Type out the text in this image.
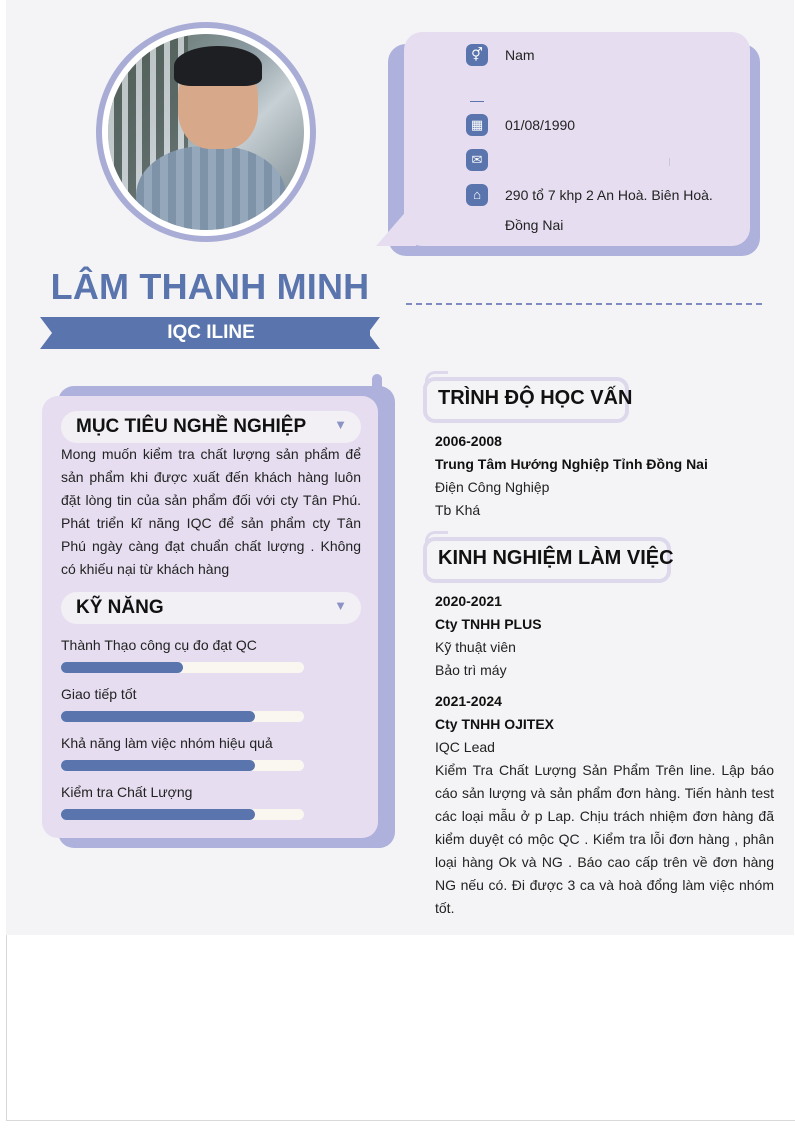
⚥	Nam
▦	01/08/1990
✉
⌂	290 tổ 7 khp 2 An Hoà. Biên Hoà.
Đồng Nai
LÂM THANH MINH
IQC ILINE
MỤC TIÊU NGHỀ NGHIỆP ▼
Mong muốn kiểm tra chất lượng sản phẩm để sản phẩm khi được xuất đến khách hàng luôn đặt lòng tin của sản phẩm đối với cty Tân Phú. Phát triển kĩ năng IQC để sản phẩm cty Tân Phú ngày càng đạt chuẩn chất lượng . Không có khiếu nại từ khách hàng
KỸ NĂNG	▼
Thành Thạo công cụ đo đạt QC
Giao tiếp tốt
Khả năng làm việc nhóm hiệu quả
Kiểm tra Chất Lượng
TRÌNH ĐỘ HỌC VẤN
2006-2008
Trung Tâm Hướng Nghiệp Tỉnh Đồng Nai
Điện Công Nghiệp
Tb Khá
KINH NGHIỆM LÀM VIỆC
2020-2021
Cty TNHH PLUS
Kỹ thuật viên
Bảo trì máy
2021-2024
Cty TNHH OJITEX
IQC Lead
Kiểm Tra Chất Lượng Sản Phẩm Trên line. Lập báo cáo sản lượng và sản phẩm đơn hàng. Tiến hành test các loại mẫu ở p Lap. Chịu trách nhiệm đơn hàng đã kiểm duyệt có mộc QC . Kiểm tra lỗi đơn hàng , phân loại hàng Ok và NG . Báo cao cấp trên về đơn hàng NG nếu có. Đi được 3 ca và hoà đổng làm việc nhóm tốt.
